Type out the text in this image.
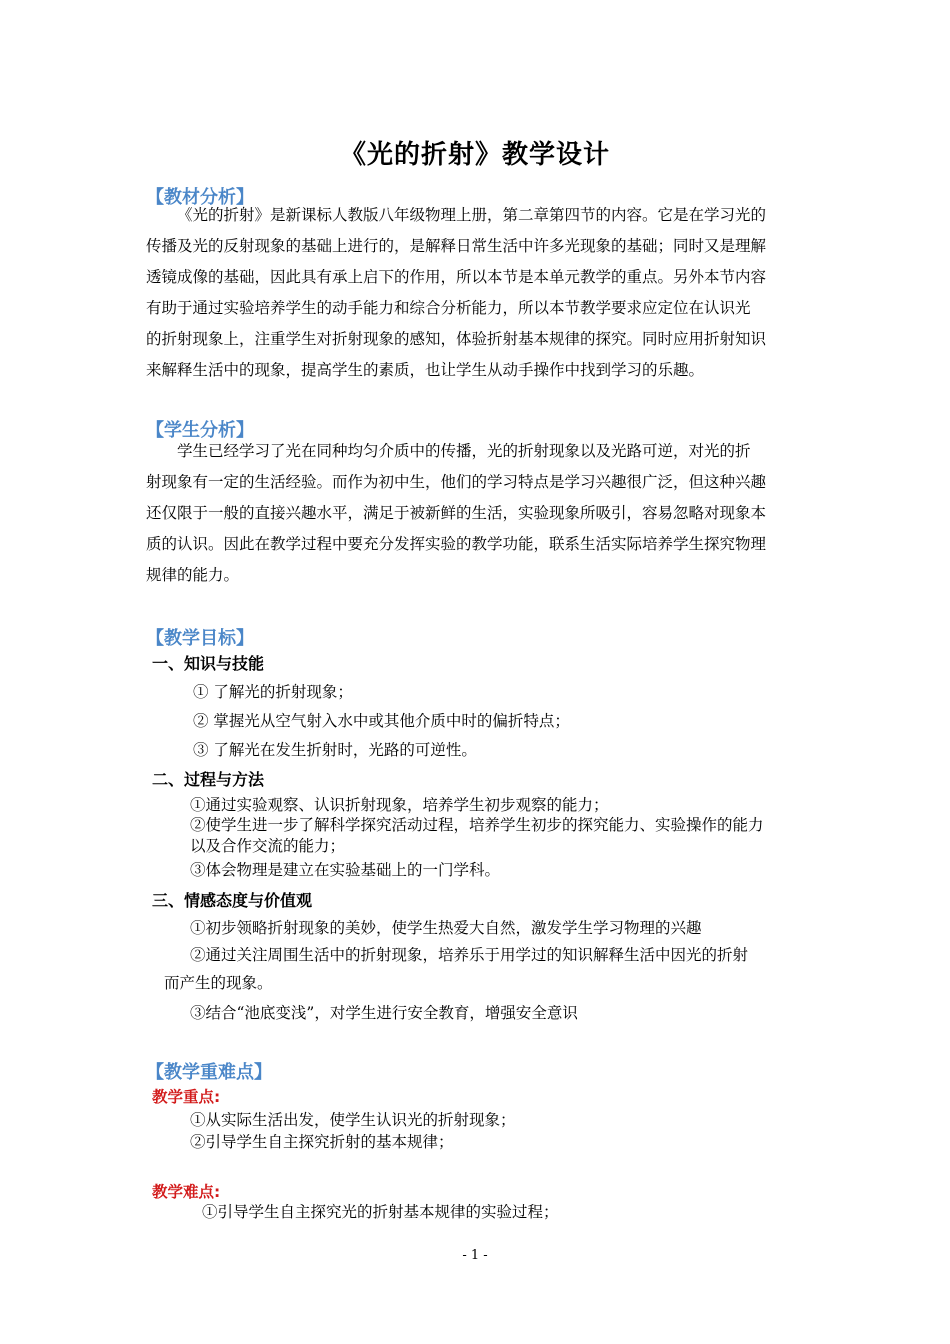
《光的折射》教学设计
【教材分析】
《光的折射》是新课标人教版八年级物理上册，第二章第四节的内容。它是在学习光的
传播及光的反射现象的基础上进行的，是解释日常生活中许多光现象的基础；同时又是理解
透镜成像的基础，因此具有承上启下的作用，所以本节是本单元教学的重点。另外本节内容
有助于通过实验培养学生的动手能力和综合分析能力，所以本节教学要求应定位在认识光
的折射现象上，注重学生对折射现象的感知，体验折射基本规律的探究。同时应用折射知识
来解释生活中的现象，提高学生的素质，也让学生从动手操作中找到学习的乐趣。
【学生分析】
学生已经学习了光在同种均匀介质中的传播，光的折射现象以及光路可逆，对光的折
射现象有一定的生活经验。而作为初中生，他们的学习特点是学习兴趣很广泛，但这种兴趣
还仅限于一般的直接兴趣水平，满足于被新鲜的生活，实验现象所吸引，容易忽略对现象本
质的认识。因此在教学过程中要充分发挥实验的教学功能，联系生活实际培养学生探究物理
规律的能力。
【教学目标】
一、知识与技能
① 了解光的折射现象；
② 掌握光从空气射入水中或其他介质中时的偏折特点；
③ 了解光在发生折射时，光路的可逆性。
二、过程与方法
①通过实验观察、认识折射现象，培养学生初步观察的能力；
②使学生进一步了解科学探究活动过程，培养学生初步的探究能力、实验操作的能力
以及合作交流的能力；
③体会物理是建立在实验基础上的一门学科。
三、情感态度与价值观
①初步领略折射现象的美妙，使学生热爱大自然，激发学生学习物理的兴趣
②通过关注周围生活中的折射现象，培养乐于用学过的知识解释生活中因光的折射
而产生的现象。
③结合“池底变浅”，对学生进行安全教育，增强安全意识
【教学重难点】
教学重点:
①从实际生活出发，使学生认识光的折射现象；
②引导学生自主探究折射的基本规律；
教学难点:
①引导学生自主探究光的折射基本规律的实验过程；
- 1 -
